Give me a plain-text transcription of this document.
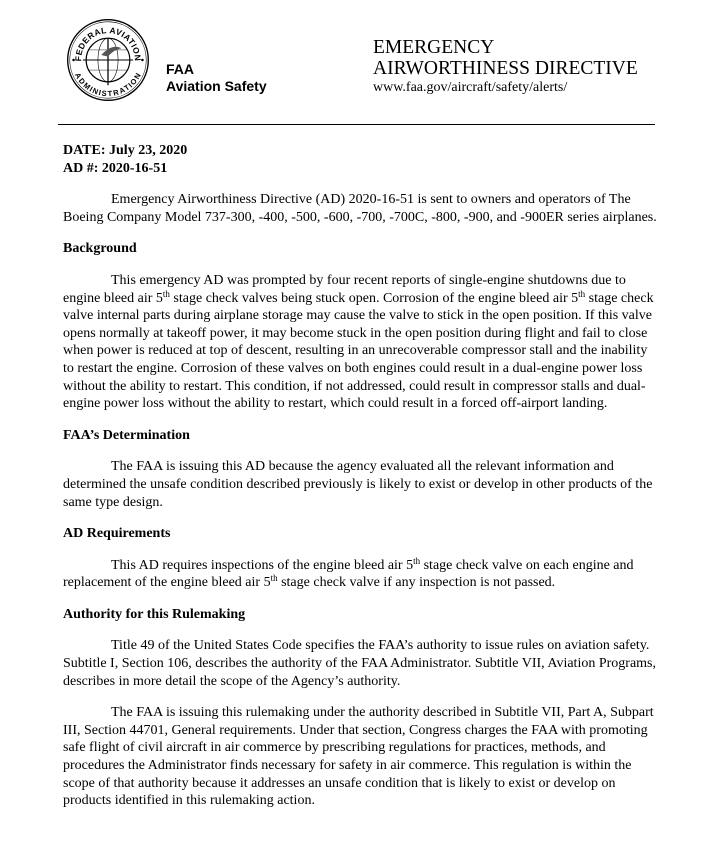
FEDERAL AVIATION
ADMINISTRATION FAA
Aviation Safety
EMERGENCY
AIRWORTHINESS DIRECTIVE
www.faa.gov/aircraft/safety/alerts/
DATE: July 23, 2020
AD #: 2020-16-51

Emergency Airworthiness Directive (AD) 2020-16-51 is sent to owners and operators of The Boeing Company Model 737-300, -400, -500, -600, -700, -700C, -800, -900, and -900ER series airplanes.

Background

This emergency AD was prompted by four recent reports of single-engine shutdowns due to engine bleed air 5th stage check valves being stuck open. Corrosion of the engine bleed air 5th stage check valve internal parts during airplane storage may cause the valve to stick in the open position. If this valve opens normally at takeoff power, it may become stuck in the open position during flight and fail to close when power is reduced at top of descent, resulting in an unrecoverable compressor stall and the inability to restart the engine. Corrosion of these valves on both engines could result in a dual-engine power loss without the ability to restart. This condition, if not addressed, could result in compressor stalls and dual-engine power loss without the ability to restart, which could result in a forced off-airport landing.

FAA’s Determination

The FAA is issuing this AD because the agency evaluated all the relevant information and determined the unsafe condition described previously is likely to exist or develop in other products of the same type design.

AD Requirements

This AD requires inspections of the engine bleed air 5th stage check valve on each engine and replacement of the engine bleed air 5th stage check valve if any inspection is not passed.

Authority for this Rulemaking

Title 49 of the United States Code specifies the FAA’s authority to issue rules on aviation safety. Subtitle I, Section 106, describes the authority of the FAA Administrator. Subtitle VII, Aviation Programs, describes in more detail the scope of the Agency’s authority.

The FAA is issuing this rulemaking under the authority described in Subtitle VII, Part A, Subpart III, Section 44701, General requirements. Under that section, Congress charges the FAA with promoting safe flight of civil aircraft in air commerce by prescribing regulations for practices, methods, and procedures the Administrator finds necessary for safety in air commerce. This regulation is within the scope of that authority because it addresses an unsafe condition that is likely to exist or develop on products identified in this rulemaking action.
